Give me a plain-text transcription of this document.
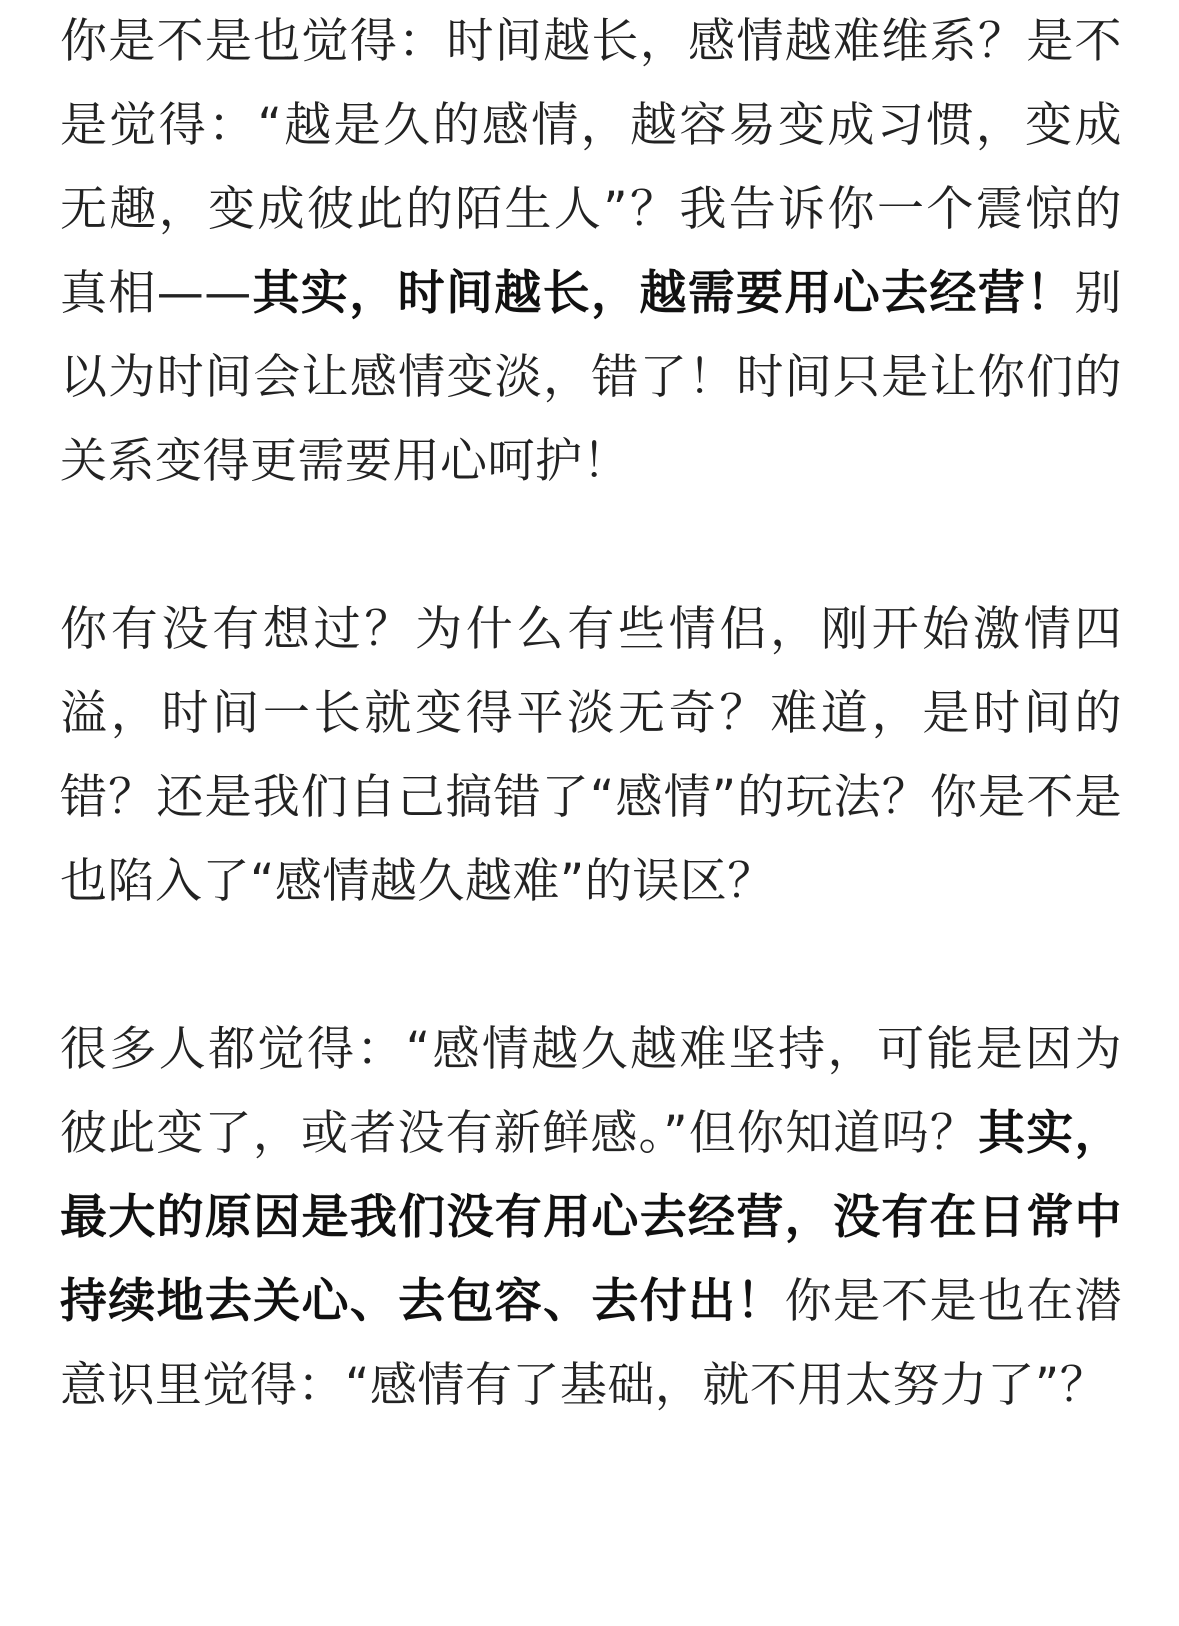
你是不是也觉得：时间越长，感情越难维系？是不是觉得：“越是久的感情，越容易变成习惯，变成无趣，变成彼此的陌生人”？我告诉你一个震惊的真相——其实，时间越长，越需要用心去经营！别以为时间会让感情变淡，错了！时间只是让你们的关系变得更需要用心呵护！

你有没有想过？为什么有些情侣，刚开始激情四溢，时间一长就变得平淡无奇？难道，是时间的错？还是我们自己搞错了“感情”的玩法？你是不是也陷入了“感情越久越难”的误区？

很多人都觉得：“感情越久越难坚持，可能是因为彼此变了，或者没有新鲜感。”但你知道吗？其实，最大的原因是我们没有用心去经营，没有在日常中持续地去关心、去包容、去付出！你是不是也在潜意识里觉得：“感情有了基础，就不用太努力了”？
